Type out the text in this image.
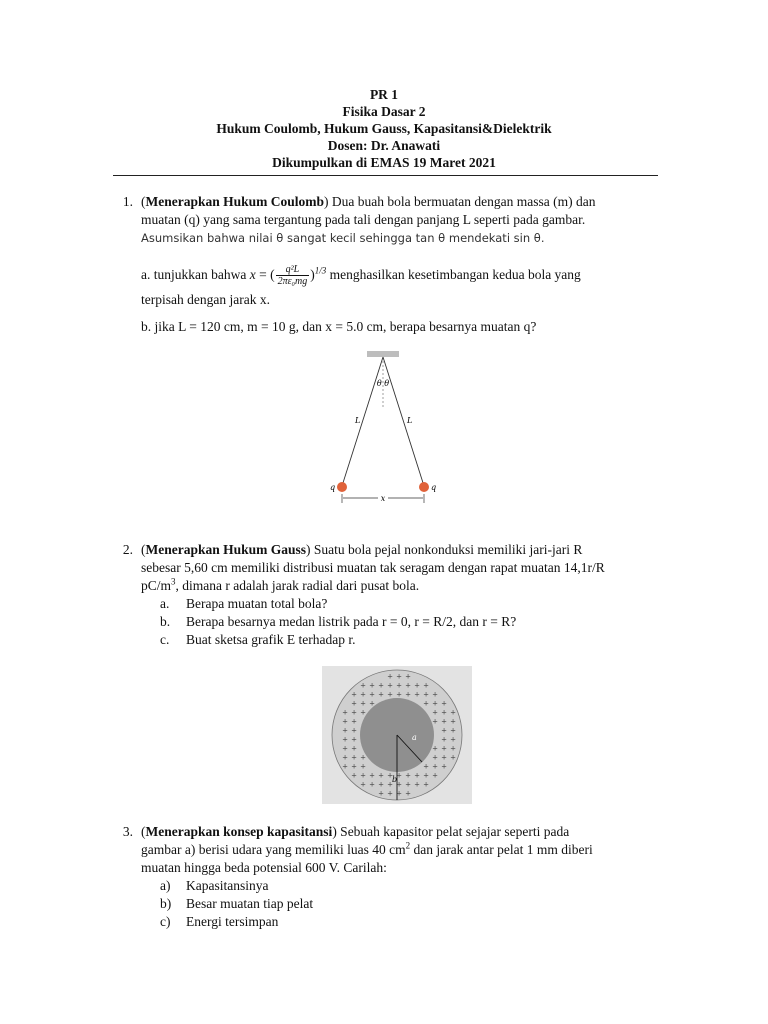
PR 1
Fisika Dasar 2
Hukum Coulomb, Hukum Gauss, Kapasitansi&Dielektrik
Dosen: Dr. Anawati
Dikumpulkan di EMAS 19 Maret 2021
1. (Menerapkan Hukum Coulomb) Dua buah bola bermuatan dengan massa (m) dan
muatan (q) yang sama tergantung pada tali dengan panjang L seperti pada gambar.
Asumsikan bahwa nilai θ sangat kecil sehingga tan θ mendekati sin θ.
a. tunjukkan bahwa x = ( $\frac{\text{q²L}}{\text{2πε₀mg}} )^{1/3}$ menghasilkan kesetimbangan kedua bola yang
terpisah dengan jarak x.
b. jika L = 120 cm, m = 10 g, dan x = 5.0 cm, berapa besarnya muatan q?
θ θ
L	L
q	q
x
2. (Menerapkan Hukum Gauss) Suatu bola pejal nonkonduksi memiliki jari-jari R
sebesar 5,60 cm memiliki distribusi muatan tak seragam dengan rapat muatan 14,1r/R
$pC/m^3$, dimana r adalah jarak radial dari pusat bola.
a. Berapa muatan total bola?
b. Berapa besarnya medan listrik pada r = 0, r = R/2, dan r = R?
c. Buat sketsa grafik E terhadap r.
+ + +
+ + + + + + + +
+ + + + + + + + + +
+ + +	+ + +
+ + +	+ + +
+ +	+ + +
+ +	+ +
+ +	+ +
+ +	+ + +
+ + +	+ + +
+ + +	+ + +
+ + + + + + + + + +
+ + + + + + + +
+ + + +
a
b
3. (Menerapkan konsep kapasitansi) Sebuah kapasitor pelat sejajar seperti pada
gambar a) berisi udara yang memiliki luas 40 $cm^2$ dan jarak antar pelat 1 mm diberi
muatan hingga beda potensial 600 V. Carilah:
a) Kapasitansinya
b) Besar muatan tiap pelat
c) Energi tersimpan
